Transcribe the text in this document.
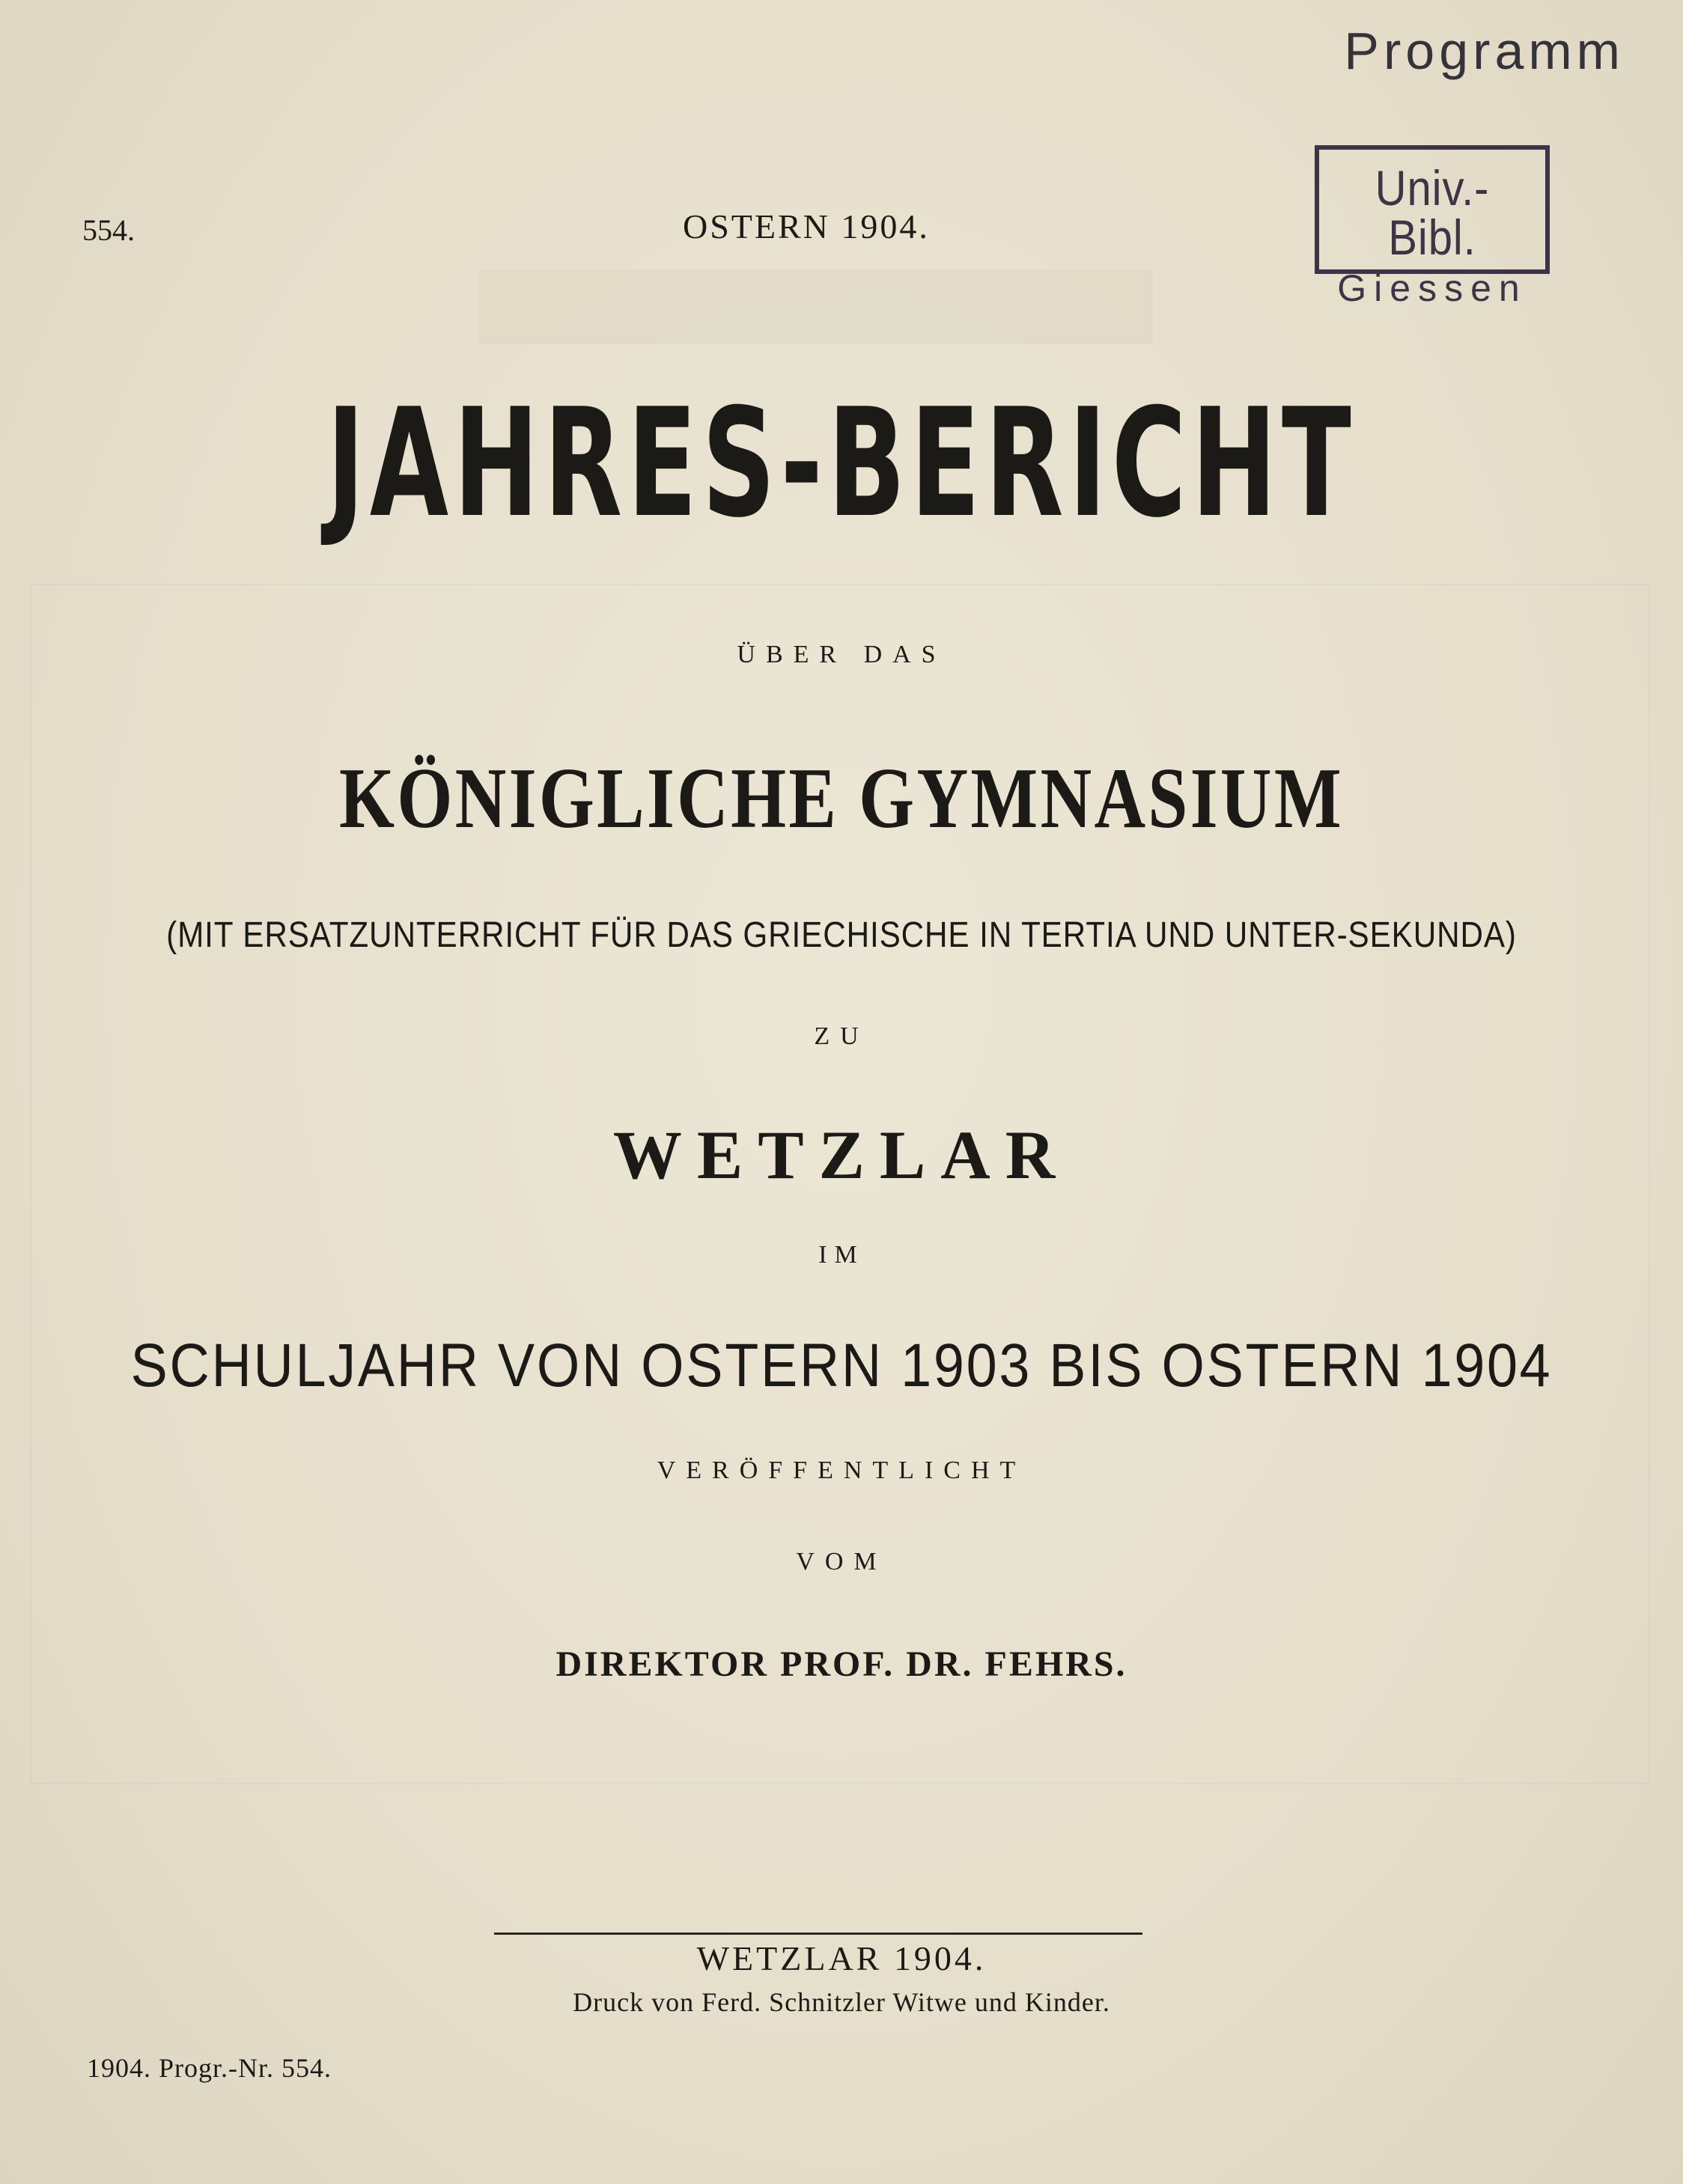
Programm
Univ.-Bibl.
Giessen
554.	OSTERN 1904.
JAHRES-BERICHT
ÜBER DAS
KÖNIGLICHE GYMNASIUM
(MIT ERSATZUNTERRICHT FÜR DAS GRIECHISCHE IN TERTIA UND UNTER-SEKUNDA)
ZU
WETZLAR
IM
SCHULJAHR VON OSTERN 1903 BIS OSTERN 1904
VERÖFFENTLICHT
VOM
DIREKTOR PROF. DR. FEHRS.
WETZLAR 1904.
Druck von Ferd. Schnitzler Witwe und Kinder.
1904. Progr.-Nr. 554.
